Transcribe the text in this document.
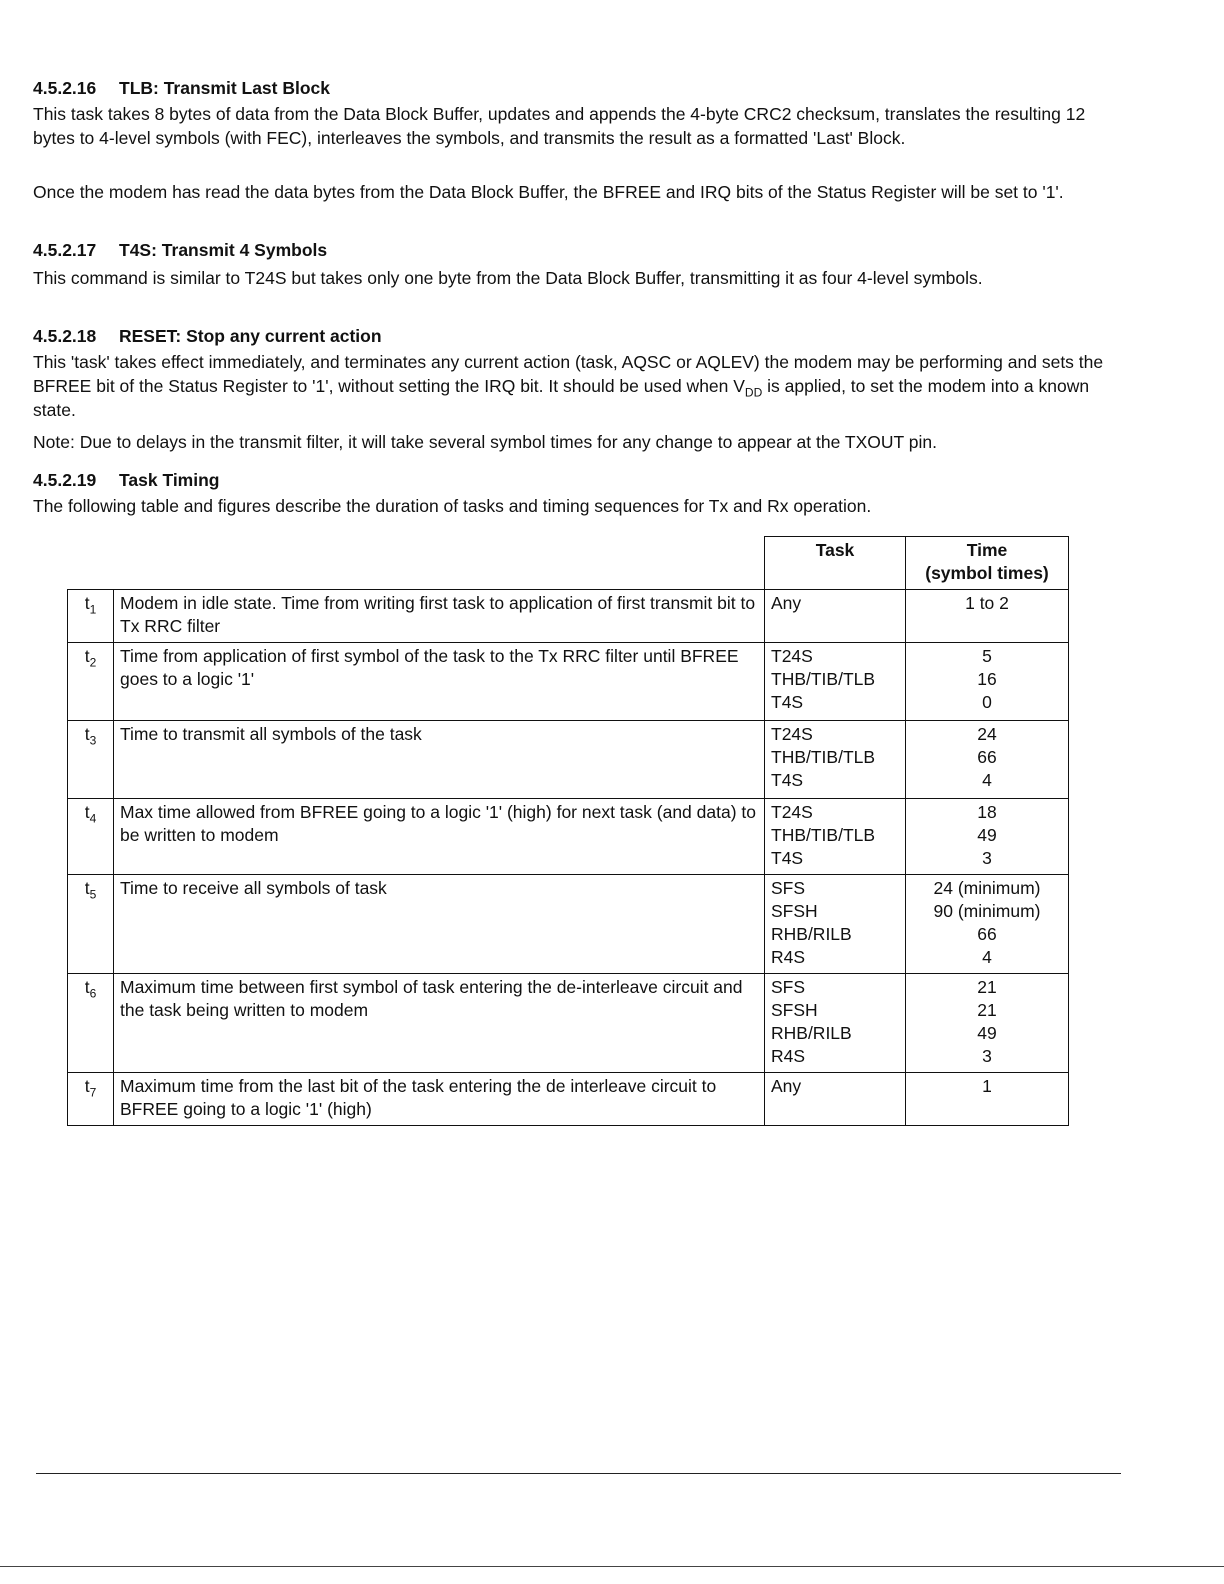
4.5.2.16 TLB: Transmit Last Block

This task takes 8 bytes of data from the Data Block Buffer, updates and appends the 4-byte CRC2 checksum, translates the resulting 12 bytes to 4-level symbols (with FEC), interleaves the symbols, and transmits the result as a formatted 'Last' Block.

Once the modem has read the data bytes from the Data Block Buffer, the BFREE and IRQ bits of the Status Register will be set to '1'.

4.5.2.17 T4S: Transmit 4 Symbols

This command is similar to T24S but takes only one byte from the Data Block Buffer, transmitting it as four 4-level symbols.

4.5.2.18 RESET: Stop any current action

This 'task' takes effect immediately, and terminates any current action (task, AQSC or AQLEV) the modem may be performing and sets the BFREE bit of the Status Register to '1', without setting the IRQ bit. It should be used when $V_{DD}$ is applied, to set the modem into a known state.

Note: Due to delays in the transmit filter, it will take several symbol times for any change to appear at the TXOUT pin.

4.5.2.19 Task Timing

The following table and figures describe the duration of tasks and timing sequences for Tx and Rx operation.

		Task	Time
(symbol times)

$t_1$	Modem in idle state. Time from writing first task to application of first transmit bit to Tx RRC filter	Any	1 to 2

$t_2$	Time from application of first symbol of the task to the Tx RRC filter until BFREE goes to a logic '1'	T24S
THB/TIB/TLB
T4S	5
16
0

$t_3$	Time to transmit all symbols of the task	T24S
THB/TIB/TLB
T4S	24
66
4

$t_4$	Max time allowed from BFREE going to a logic '1' (high) for next task (and data) to be written to modem	T24S
THB/TIB/TLB
T4S	18
49
3

$t_5$	Time to receive all symbols of task	SFS
SFSH
RHB/RILB
R4S	24 (minimum)
90 (minimum)
66
4

$t_6$	Maximum time between first symbol of task entering the de-interleave circuit and the task being written to modem	SFS
SFSH
RHB/RILB
R4S	21
21
49
3

$t_7$	Maximum time from the last bit of the task entering the de interleave circuit to BFREE going to a logic '1' (high)	Any	1
